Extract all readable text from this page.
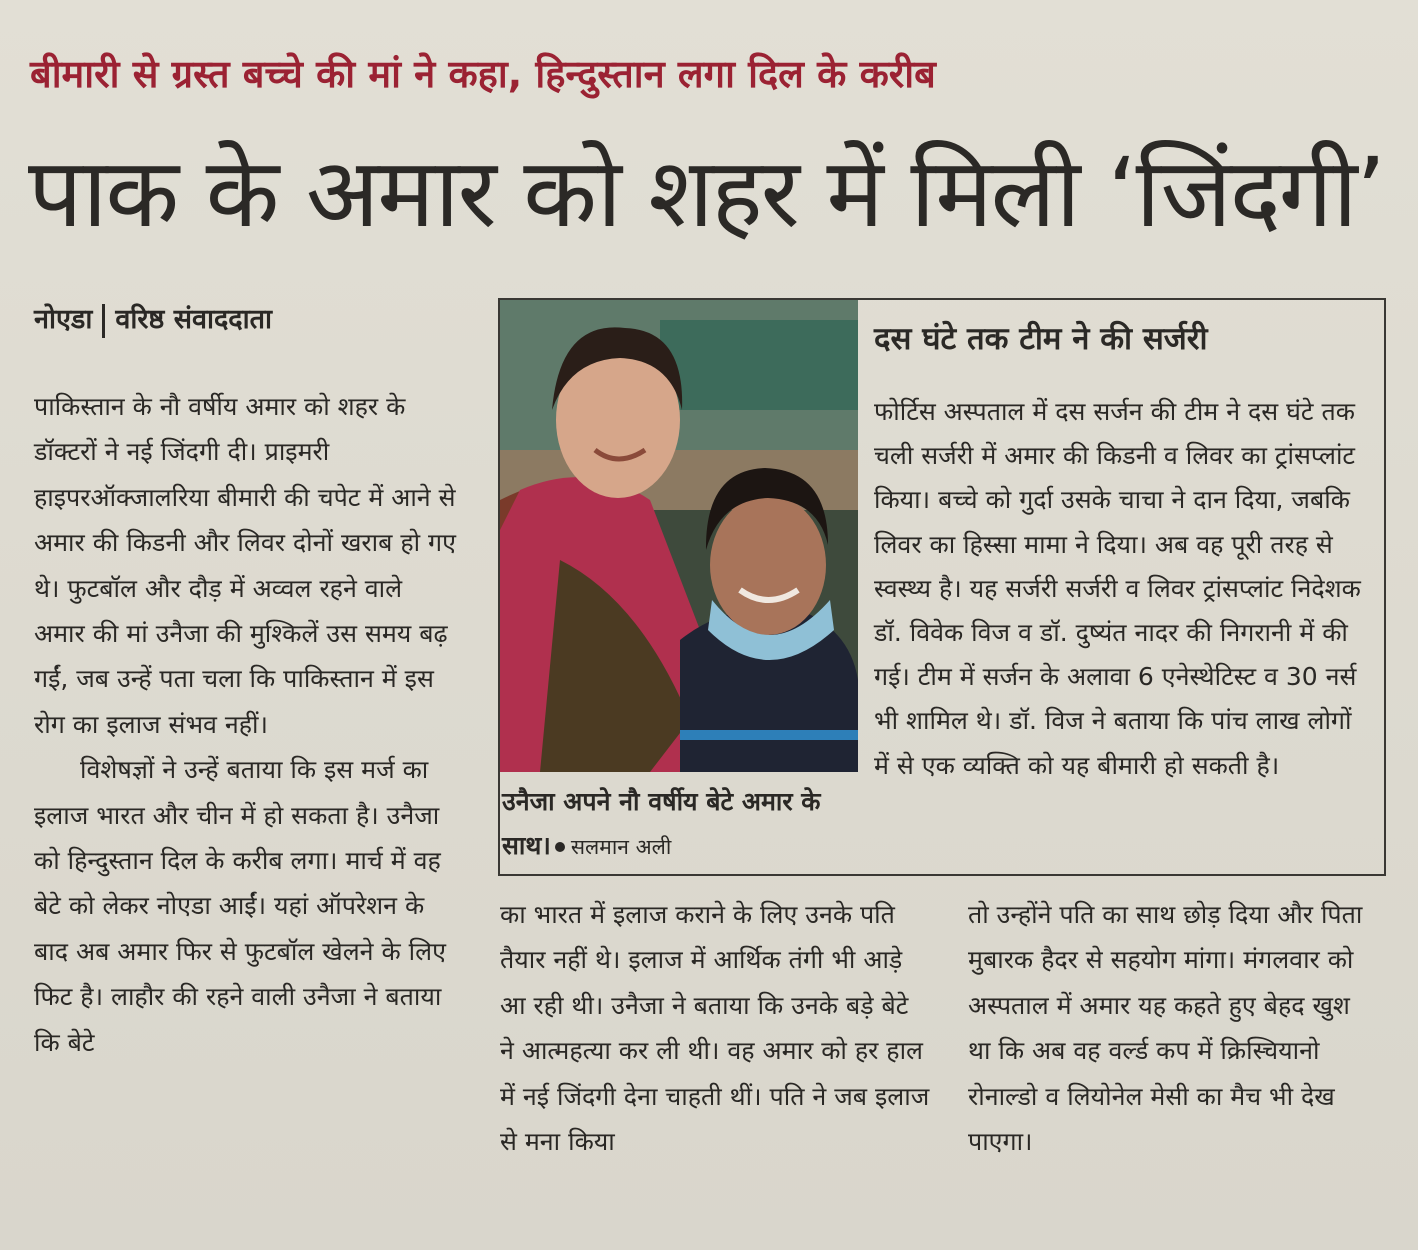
बीमारी से ग्रस्त बच्चे की मां ने कहा, हिन्दुस्तान लगा दिल के करीब
पाक के अमार को शहर में मिली ‘जिंदगी’
नोएडा वरिष्ठ संवाददाता

पाकिस्तान के नौ वर्षीय अमार को शहर के डॉक्टरों ने नई जिंदगी दी। प्राइमरी हाइपरऑक्जालरिया बीमारी की चपेट में आने से अमार की किडनी और लिवर दोनों खराब हो गए थे। फुटबॉल और दौड़ में अव्वल रहने वाले अमार की मां उनैजा की मुश्किलें उस समय बढ़ गईं, जब उन्हें पता चला कि पाकिस्तान में इस रोग का इलाज संभव नहीं।

विशेषज्ञों ने उन्हें बताया कि इस मर्ज का इलाज भारत और चीन में हो सकता है। उनैजा को हिन्दुस्तान दिल के करीब लगा। मार्च में वह बेटे को लेकर नोएडा आईं। यहां ऑपरेशन के बाद अब अमार फिर से फुटबॉल खेलने के लिए फिट है। लाहौर की रहने वाली उनैजा ने बताया कि बेटे

उनैजा अपने नौ वर्षीय बेटे अमार के साथ। सलमान अली
दस घंटे तक टीम ने की सर्जरी

फोर्टिस अस्पताल में दस सर्जन की टीम ने दस घंटे तक चली सर्जरी में अमार की किडनी व लिवर का ट्रांसप्लांट किया। बच्चे को गुर्दा उसके चाचा ने दान दिया, जबकि लिवर का हिस्सा मामा ने दिया। अब वह पूरी तरह से स्वस्थ्य है। यह सर्जरी सर्जरी व लिवर ट्रांसप्लांट निदेशक डॉ. विवेक विज व डॉ. दुष्यंत नादर की निगरानी में की गई। टीम में सर्जन के अलावा 6 एनेस्थेटिस्ट व 30 नर्स भी शामिल थे। डॉ. विज ने बताया कि पांच लाख लोगों में से एक व्यक्ति को यह बीमारी हो सकती है।

का भारत में इलाज कराने के लिए उनके पति तैयार नहीं थे। इलाज में आर्थिक तंगी भी आड़े आ रही थी। उनैजा ने बताया कि उनके बड़े बेटे ने आत्महत्या कर ली थी। वह अमार को हर हाल में नई जिंदगी देना चाहती थीं। पति ने जब इलाज से मना किया

तो उन्होंने पति का साथ छोड़ दिया और पिता मुबारक हैदर से सहयोग मांगा। मंगलवार को अस्पताल में अमार यह कहते हुए बेहद खुश था कि अब वह वर्ल्ड कप में क्रिस्चियानो रोनाल्डो व लियोनेल मेसी का मैच भी देख पाएगा।
